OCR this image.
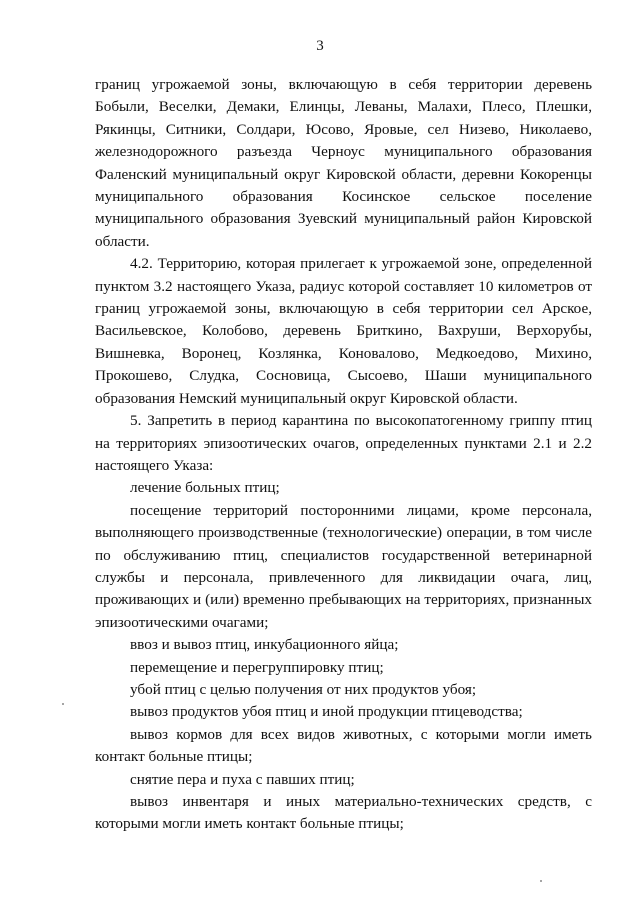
3

границ угрожаемой зоны, включающую в себя территории деревень Бобыли, Веселки, Демаки, Елинцы, Леваны, Малахи, Плесо, Плешки, Рякинцы, Ситники, Солдари, Юсово, Яровые, сел Низево, Николаево, железнодорожного разъезда Черноус муниципального образования Фаленский муниципальный округ Кировской области, деревни Кокоренцы муниципального образования Косинское сельское поселение муниципального образования Зуевский муниципальный район Кировской области.

4.2. Территорию, которая прилегает к угрожаемой зоне, определенной пунктом 3.2 настоящего Указа, радиус которой составляет 10 километров от границ угрожаемой зоны, включающую в себя территории сел Арское, Васильевское, Колобово, деревень Бриткино, Вахруши, Верхорубы, Вишневка, Воронец, Козлянка, Коновалово, Медкоедово, Михино, Прокошево, Слудка, Сосновица, Сысоево, Шаши муниципального образования Немский муниципальный округ Кировской области.

5. Запретить в период карантина по высокопатогенному гриппу птиц на территориях эпизоотических очагов, определенных пунктами 2.1 и 2.2 настоящего Указа:

лечение больных птиц;

посещение территорий посторонними лицами, кроме персонала, выполняющего производственные (технологические) операции, в том числе по обслуживанию птиц, специалистов государственной ветеринарной службы и персонала, привлеченного для ликвидации очага, лиц, проживающих и (или) временно пребывающих на территориях, признанных эпизоотическими очагами;

ввоз и вывоз птиц, инкубационного яйца;

перемещение и перегруппировку птиц;

убой птиц с целью получения от них продуктов убоя;

вывоз продуктов убоя птиц и иной продукции птицеводства;

вывоз кормов для всех видов животных, с которыми могли иметь контакт больные птицы;

снятие пера и пуха с павших птиц;

вывоз инвентаря и иных материально-технических средств, с которыми могли иметь контакт больные птицы;
